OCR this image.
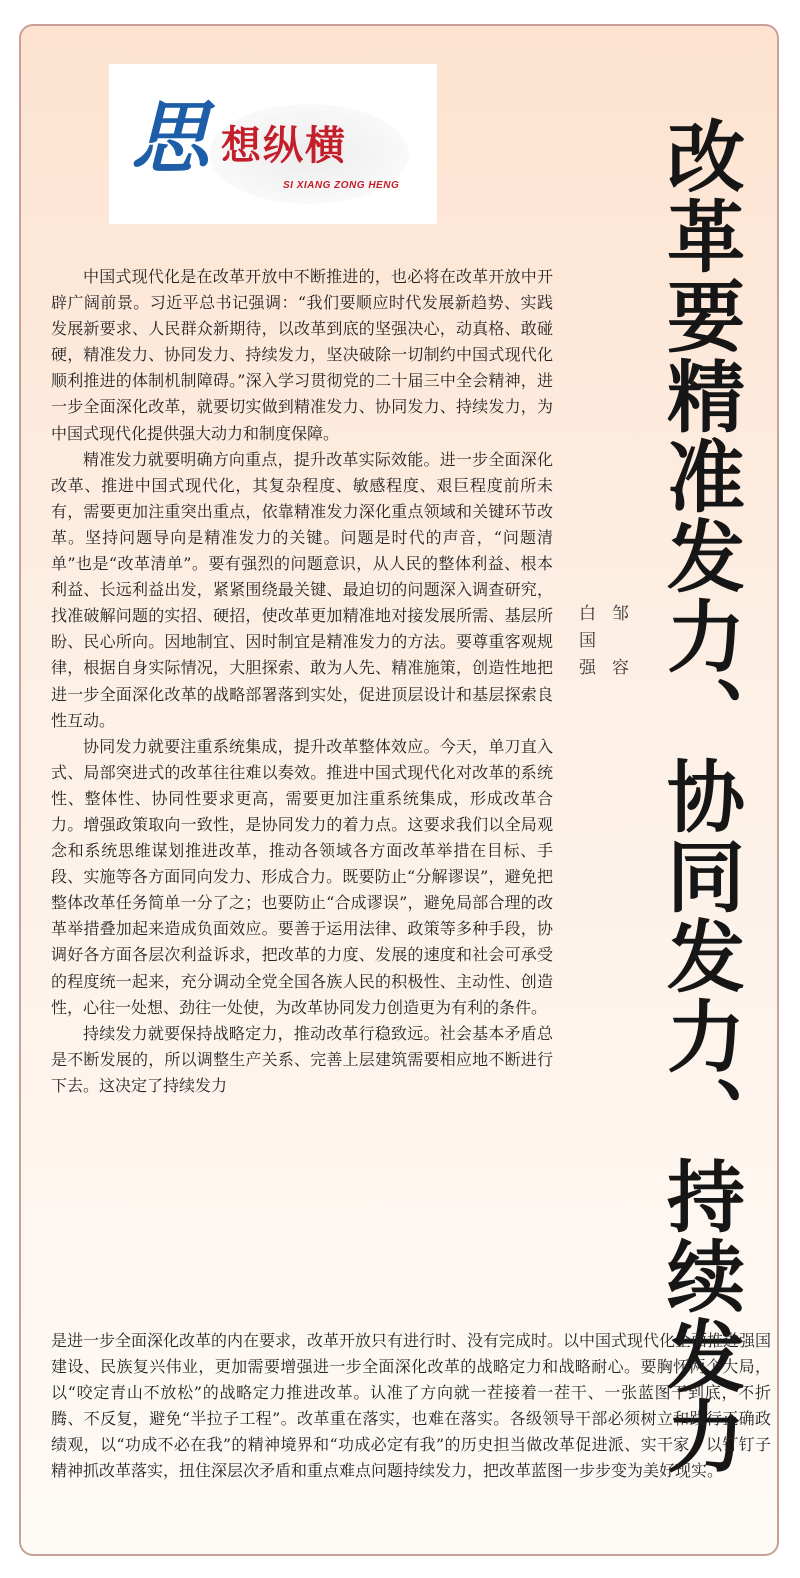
思 想纵横
SI XIANG ZONG HENG	改革要精准发力、协同发力、持续发力
邹　容
白国强

中国式现代化是在改革开放中不断推进的，也必将在改革开放中开辟广阔前景。习近平总书记强调：“我们要顺应时代发展新趋势、实践发展新要求、人民群众新期待，以改革到底的坚强决心，动真格、敢碰硬，精准发力、协同发力、持续发力，坚决破除一切制约中国式现代化顺利推进的体制机制障碍。”深入学习贯彻党的二十届三中全会精神，进一步全面深化改革，就要切实做到精准发力、协同发力、持续发力，为中国式现代化提供强大动力和制度保障。

精准发力就要明确方向重点，提升改革实际效能。进一步全面深化改革、推进中国式现代化，其复杂程度、敏感程度、艰巨程度前所未有，需要更加注重突出重点，依靠精准发力深化重点领域和关键环节改革。坚持问题导向是精准发力的关键。问题是时代的声音，“问题清单”也是“改革清单”。要有强烈的问题意识，从人民的整体利益、根本利益、长远利益出发，紧紧围绕最关键、最迫切的问题深入调查研究，找准破解问题的实招、硬招，使改革更加精准地对接发展所需、基层所盼、民心所向。因地制宜、因时制宜是精准发力的方法。要尊重客观规律，根据自身实际情况，大胆探索、敢为人先、精准施策，创造性地把进一步全面深化改革的战略部署落到实处，促进顶层设计和基层探索良性互动。

协同发力就要注重系统集成，提升改革整体效应。今天，单刀直入式、局部突进式的改革往往难以奏效。推进中国式现代化对改革的系统性、整体性、协同性要求更高，需要更加注重系统集成，形成改革合力。增强政策取向一致性，是协同发力的着力点。这要求我们以全局观念和系统思维谋划推进改革，推动各领域各方面改革举措在目标、手段、实施等各方面同向发力、形成合力。既要防止“分解谬误”，避免把整体改革任务简单一分了之；也要防止“合成谬误”，避免局部合理的改革举措叠加起来造成负面效应。要善于运用法律、政策等多种手段，协调好各方面各层次利益诉求，把改革的力度、发展的速度和社会可承受的程度统一起来，充分调动全党全国各族人民的积极性、主动性、创造性，心往一处想、劲往一处使，为改革协同发力创造更为有利的条件。

持续发力就要保持战略定力，推动改革行稳致远。社会基本矛盾总是不断发展的，所以调整生产关系、完善上层建筑需要相应地不断进行下去。这决定了持续发力

是进一步全面深化改革的内在要求，改革开放只有进行时、没有完成时。以中国式现代化全面推进强国建设、民族复兴伟业，更加需要增强进一步全面深化改革的战略定力和战略耐心。要胸怀两个大局，以“咬定青山不放松”的战略定力推进改革。认准了方向就一茬接着一茬干、一张蓝图干到底，不折腾、不反复，避免“半拉子工程”。改革重在落实，也难在落实。各级领导干部必须树立和践行正确政绩观，以“功成不必在我”的精神境界和“功成必定有我”的历史担当做改革促进派、实干家，以钉钉子精神抓改革落实，扭住深层次矛盾和重点难点问题持续发力，把改革蓝图一步步变为美好现实。
